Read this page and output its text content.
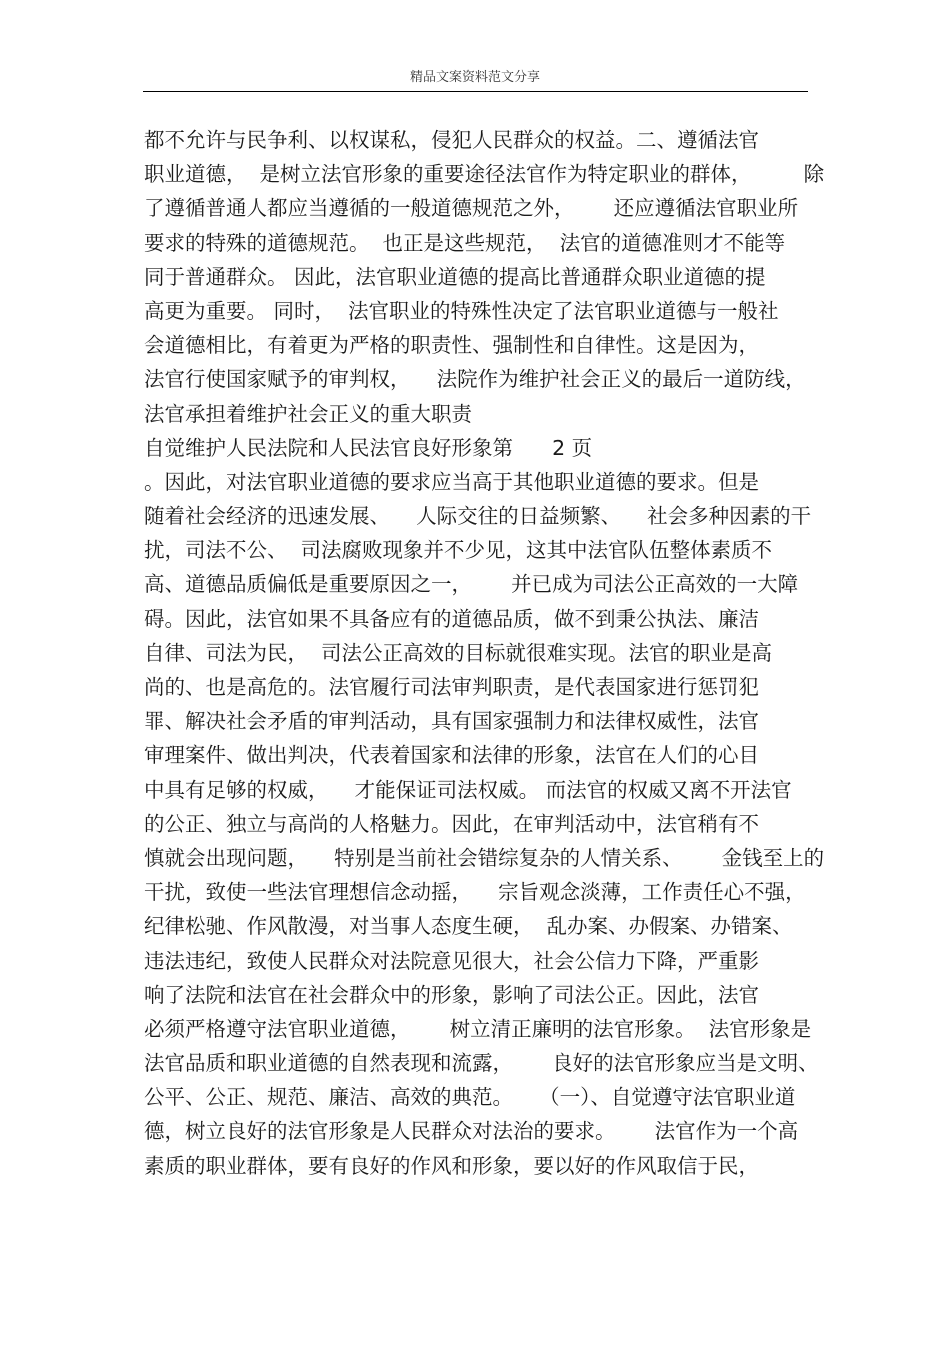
精品文案资料范文分享
都不允许与民争利、以权谋私，侵犯人民群众的权益。二、遵循法官
职业道德，  是树立法官形象的重要途径法官作为特定职业的群体，        除
了遵循普通人都应当遵循的一般道德规范之外，      还应遵循法官职业所
要求的特殊的道德规范。  也正是这些规范，  法官的道德准则才不能等
同于普通群众。 因此，法官职业道德的提高比普通群众职业道德的提
高更为重要。 同时，  法官职业的特殊性决定了法官职业道德与一般社
会道德相比，有着更为严格的职责性、强制性和自律性。这是因为，
法官行使国家赋予的审判权，    法院作为维护社会正义的最后一道防线，
法官承担着维护社会正义的重大职责
自觉维护人民法院和人民法官良好形象第      2 页
。因此，对法官职业道德的要求应当高于其他职业道德的要求。但是
随着社会经济的迅速发展、    人际交往的日益频繁、    社会多种因素的干
扰，司法不公、  司法腐败现象并不少见，这其中法官队伍整体素质不
高、道德品质偏低是重要原因之一，      并已成为司法公正高效的一大障
碍。因此，法官如果不具备应有的道德品质，做不到秉公执法、廉洁
自律、司法为民，  司法公正高效的目标就很难实现。法官的职业是高
尚的、也是高危的。法官履行司法审判职责，是代表国家进行惩罚犯
罪、解决社会矛盾的审判活动，具有国家强制力和法律权威性，法官
审理案件、做出判决，代表着国家和法律的形象，法官在人们的心目
中具有足够的权威，    才能保证司法权威。 而法官的权威又离不开法官
的公正、独立与高尚的人格魅力。因此，在审判活动中，法官稍有不
慎就会出现问题，    特别是当前社会错综复杂的人情关系、      金钱至上的
干扰，致使一些法官理想信念动摇，    宗旨观念淡薄，工作责任心不强，
纪律松驰、作风散漫，对当事人态度生硬，  乱办案、办假案、办错案、
违法违纪，致使人民群众对法院意见很大，社会公信力下降，严重影
响了法院和法官在社会群众中的形象，影响了司法公正。因此，法官
必须严格遵守法官职业道德，      树立清正廉明的法官形象。  法官形象是
法官品质和职业道德的自然表现和流露，      良好的法官形象应当是文明、
公平、公正、规范、廉洁、高效的典范。    （一）、自觉遵守法官职业道
德，树立良好的法官形象是人民群众对法治的要求。      法官作为一个高
素质的职业群体，要有良好的作风和形象，要以好的作风取信于民，
